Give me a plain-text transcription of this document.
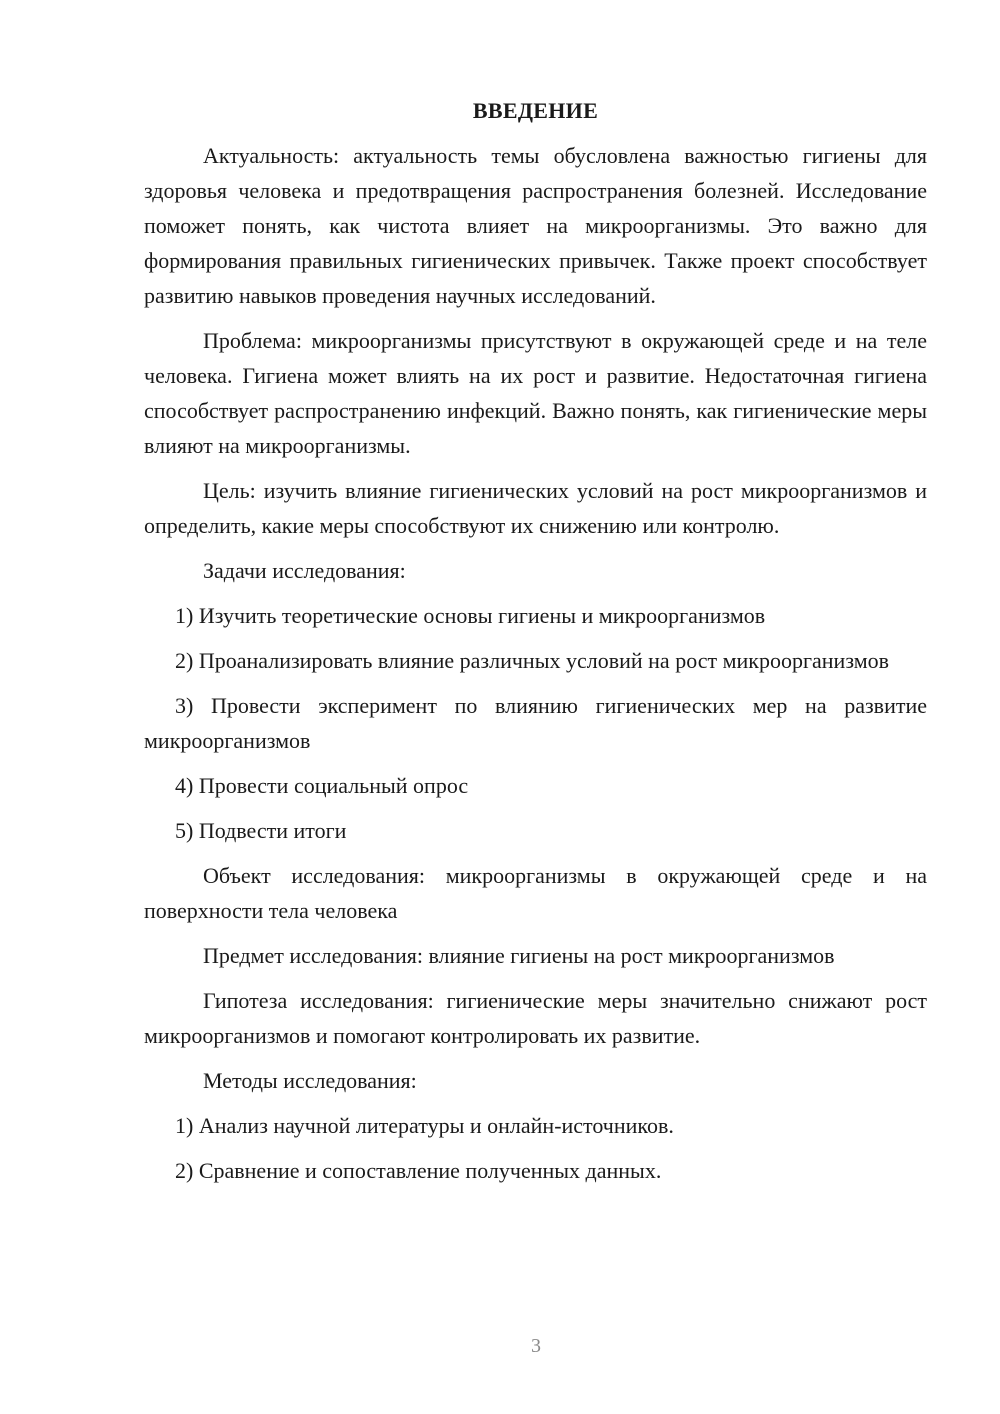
ВВЕДЕНИЕ

Актуальность: актуальность темы обусловлена важностью гигиены для здоровья человека и предотвращения распространения болезней. Исследование поможет понять, как чистота влияет на микроорганизмы. Это важно для формирования правильных гигиенических привычек. Также проект способствует развитию навыков проведения научных исследований.

Проблема: микроорганизмы присутствуют в окружающей среде и на теле человека. Гигиена может влиять на их рост и развитие. Недостаточная гигиена способствует распространению инфекций. Важно понять, как гигиенические меры влияют на микроорганизмы.

Цель: изучить влияние гигиенических условий на рост микроорганизмов и определить, какие меры способствуют их снижению или контролю.

Задачи исследования:

1) Изучить теоретические основы гигиены и микроорганизмов

2) Проанализировать влияние различных условий на рост микроорганизмов

3) Провести эксперимент по влиянию гигиенических мер на развитие микроорганизмов

4) Провести социальный опрос

5) Подвести итоги

Объект исследования: микроорганизмы в окружающей среде и на поверхности тела человека

Предмет исследования: влияние гигиены на рост микроорганизмов

Гипотеза исследования: гигиенические меры значительно снижают рост микроорганизмов и помогают контролировать их развитие.

Методы исследования:

1) Анализ научной литературы и онлайн-источников.

2) Сравнение и сопоставление полученных данных.

3
